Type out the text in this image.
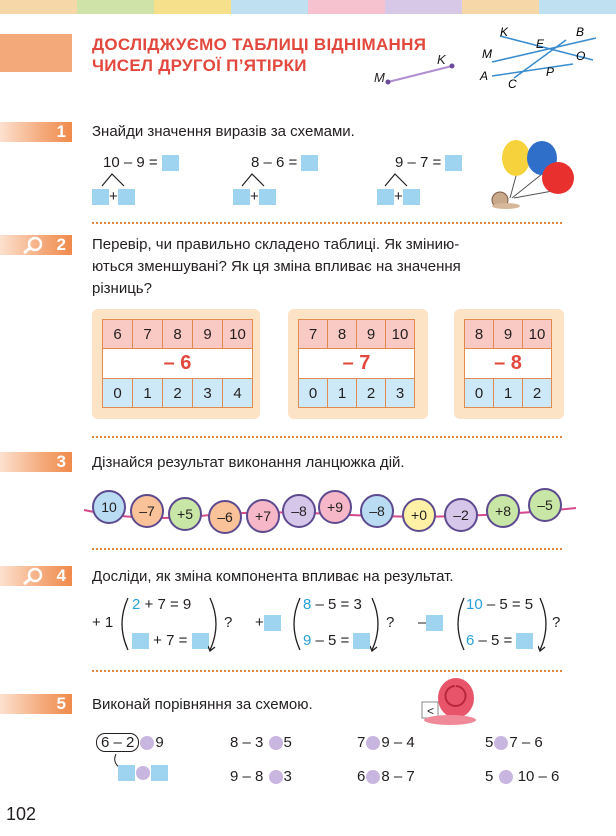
ДОСЛІДЖУЄМО ТАБЛИЦІ ВІДНІМАННЯ
ЧИСЕЛ ДРУГОЇ П’ЯТІРКИ
M
K
K
E
B
M	O
A
C
P
1 Знайди значення виразів за схемами.
10 – 9 =
+
8 – 6 =
+
9 – 7 =
+
2 Перевір, чи правильно складено таблиці. Як змінию-
ються зменшувані? Як ця зміна впливає на значення
різниць?
6	7	8	9	10
– 6				
0	1	2	3	4
7	8	9	10
– 7			
0	1	2	3
8	9	10
– 8		
0	1	2
3 Дізнайся результат виконання ланцюжка дій.
10	–7	+5	–6	+7	–8	+9	–8	+0	–2	+8	–5
4 Досліди, як зміна компонента впливає на результат.
+ 1
2 + 7 = 9
+ 7 =
? +
8 – 5 = 3
9 – 5 =
? –
10 – 5 = 5
6 – 5 =
?
5 Виконай порівняння за схемою.	<
6 – 2 9	8 – 3 5
9 – 8 3
7 9 – 4
6 8 – 7
5 7 – 6
5 10 – 6
102
